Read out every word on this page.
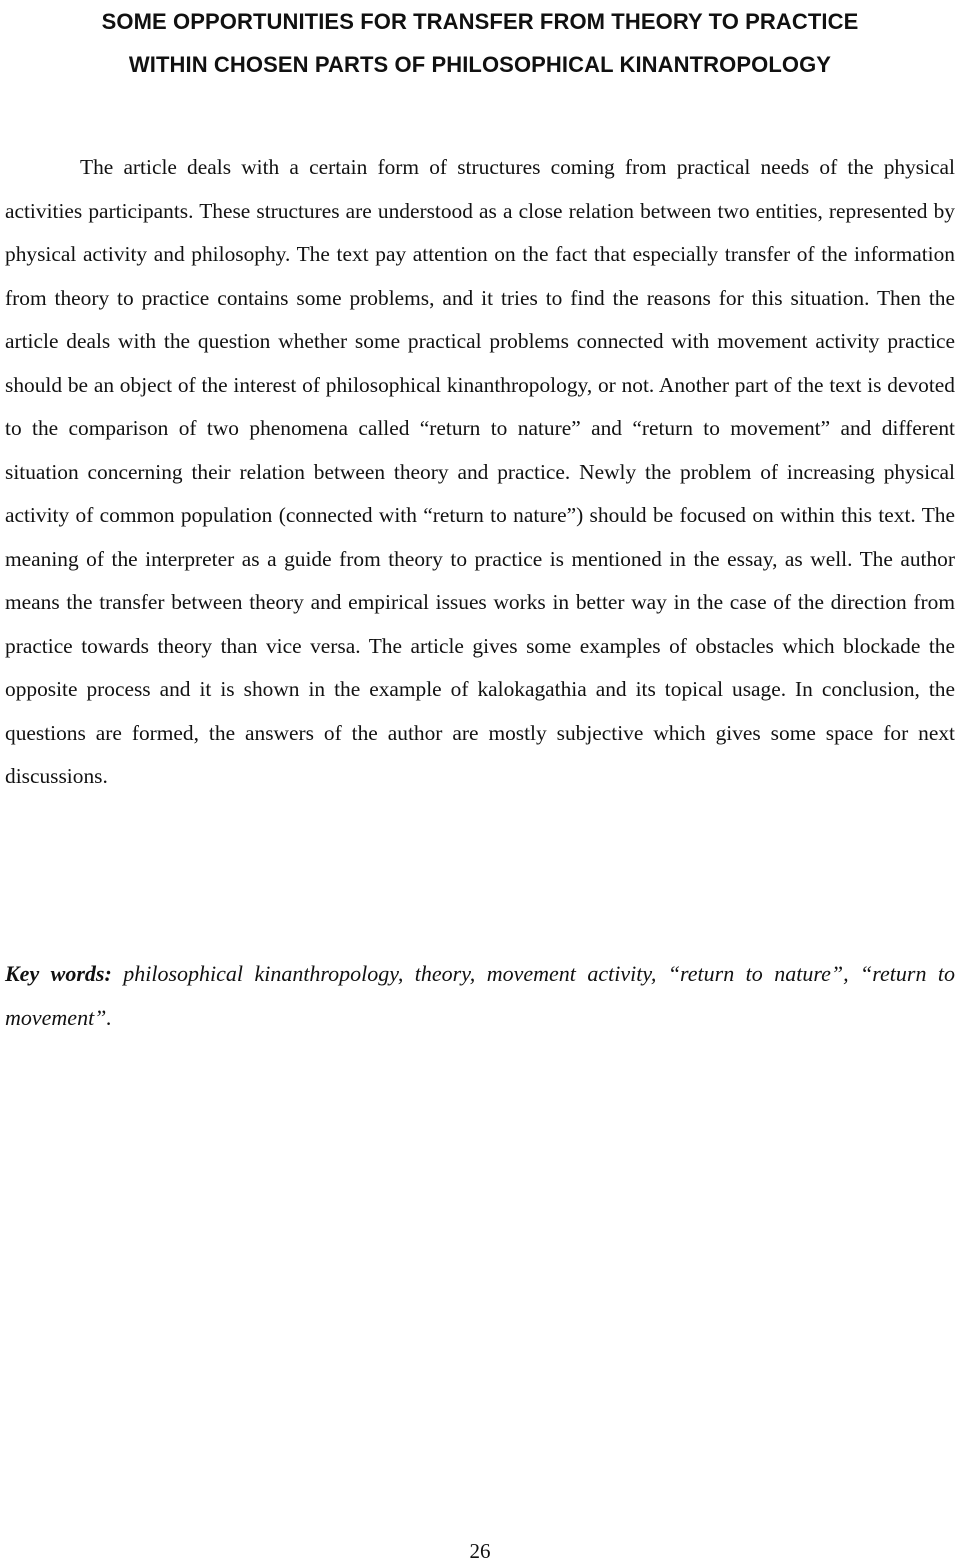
SOME OPPORTUNITIES FOR TRANSFER FROM THEORY TO PRACTICE
WITHIN CHOSEN PARTS OF PHILOSOPHICAL KINANTROPOLOGY

The article deals with a certain form of structures coming from practical needs of the physical activities participants. These structures are understood as a close relation between two entities, represented by physical activity and philosophy. The text pay attention on the fact that especially transfer of the information from theory to practice contains some problems, and it tries to find the reasons for this situation. Then the article deals with the question whether some practical problems connected with movement activity practice should be an object of the interest of philosophical kinanthropology, or not. Another part of the text is devoted to the comparison of two phenomena called “return to nature” and “return to movement” and different situation concerning their relation between theory and practice. Newly the problem of increasing physical activity of common population (connected with “return to nature”) should be focused on within this text. The meaning of the interpreter as a guide from theory to practice is mentioned in the essay, as well. The author means the transfer between theory and empirical issues works in better way in the case of the direction from practice towards theory than vice versa. The article gives some examples of obstacles which blockade the opposite process and it is shown in the example of kalokagathia and its topical usage. In conclusion, the questions are formed, the answers of the author are mostly subjective which gives some space for next discussions.

Key words: philosophical kinanthropology, theory, movement activity, “return to nature”, “return to movement”.

26
